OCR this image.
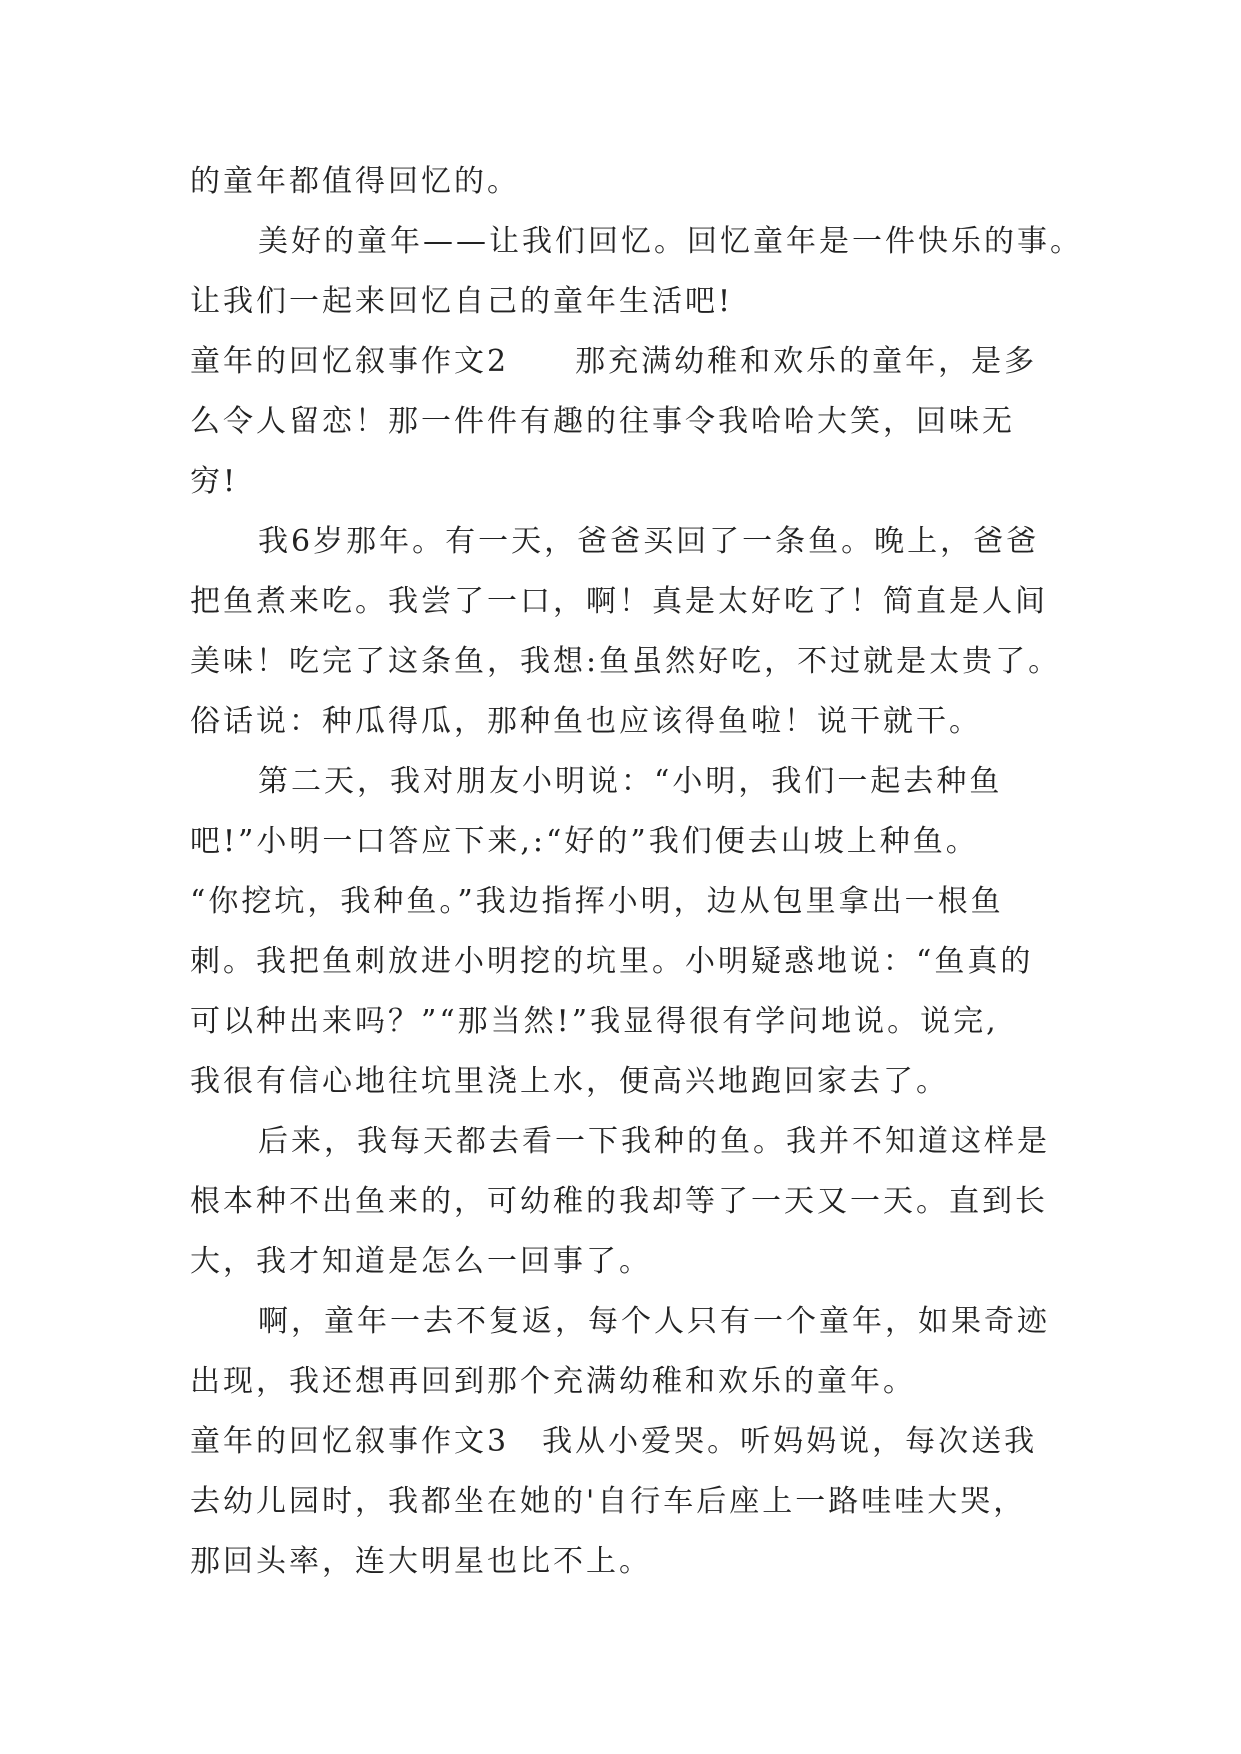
的童年都值得回忆的。
美好的童年——让我们回忆。回忆童年是一件快乐的事。
让我们一起来回忆自己的童年生活吧!
童年的回忆叙事作文2　　那充满幼稚和欢乐的童年，是多
么令人留恋！那一件件有趣的往事令我哈哈大笑，回味无
穷!
我6岁那年。有一天，爸爸买回了一条鱼。晚上，爸爸
把鱼煮来吃。我尝了一口，啊！真是太好吃了！简直是人间
美味！吃完了这条鱼，我想:鱼虽然好吃，不过就是太贵了。
俗话说：种瓜得瓜，那种鱼也应该得鱼啦！说干就干。
第二天，我对朋友小明说：“小明，我们一起去种鱼
吧!”小明一口答应下来,:“好的”我们便去山坡上种鱼。
“你挖坑，我种鱼。”我边指挥小明，边从包里拿出一根鱼
刺。我把鱼刺放进小明挖的坑里。小明疑惑地说：“鱼真的
可以种出来吗？”“那当然!”我显得很有学问地说。说完,
我很有信心地往坑里浇上水，便高兴地跑回家去了。
后来，我每天都去看一下我种的鱼。我并不知道这样是
根本种不出鱼来的，可幼稚的我却等了一天又一天。直到长
大，我才知道是怎么一回事了。
啊，童年一去不复返，每个人只有一个童年，如果奇迹
出现，我还想再回到那个充满幼稚和欢乐的童年。
童年的回忆叙事作文3　我从小爱哭。听妈妈说，每次送我
去幼儿园时，我都坐在她的'自行车后座上一路哇哇大哭，
那回头率，连大明星也比不上。
